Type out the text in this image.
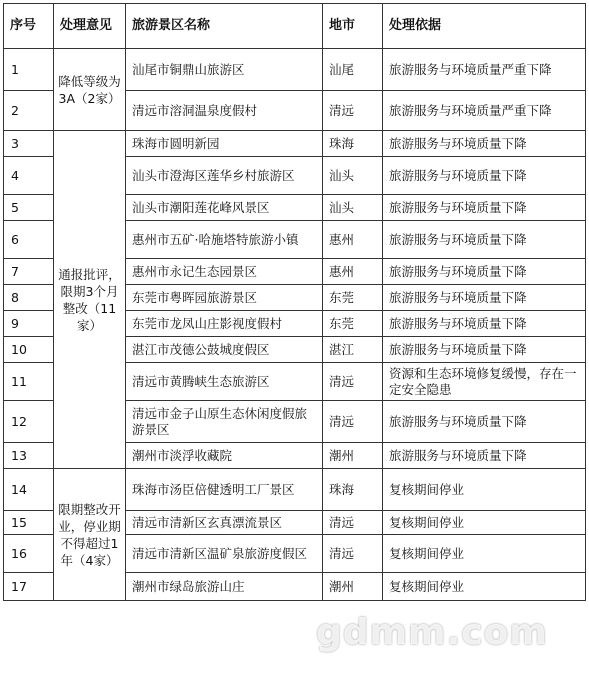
序号	处理意见	旅游景区名称	地市	处理依据
1	降低等级为 3A（2家）	汕尾市铜鼎山旅游区	汕尾	旅游服务与环境质量严重下降
2		清远市溶洞温泉度假村	清远	旅游服务与环境质量严重下降
3	通报批评，限期3个月整改（11家）	珠海市圆明新园	珠海	旅游服务与环境质量下降
4		汕头市澄海区莲华乡村旅游区	汕头	旅游服务与环境质量下降
5		汕头市潮阳莲花峰风景区	汕头	旅游服务与环境质量下降
6		惠州市五矿·哈施塔特旅游小镇	惠州	旅游服务与环境质量下降
7		惠州市永记生态园景区	惠州	旅游服务与环境质量下降
8		东莞市粤晖园旅游景区	东莞	旅游服务与环境质量下降
9		东莞市龙凤山庄影视度假村	东莞	旅游服务与环境质量下降
10		湛江市茂德公鼓城度假区	湛江	旅游服务与环境质量下降
11		清远市黄腾峡生态旅游区	清远	资源和生态环境修复缓慢，存在一定安全隐患
12		清远市金子山原生态休闲度假旅游景区	清远	旅游服务与环境质量下降
13		潮州市淡浮收藏院	潮州	旅游服务与环境质量下降
14	限期整改开业，停业期不得超过1年（4家）	珠海市汤臣倍健透明工厂景区	珠海	复核期间停业
15		清远市清新区玄真漂流景区	清远	复核期间停业
16		清远市清新区温矿泉旅游度假区	清远	复核期间停业
17		潮州市绿岛旅游山庄	潮州	复核期间停业
gdmm.com
